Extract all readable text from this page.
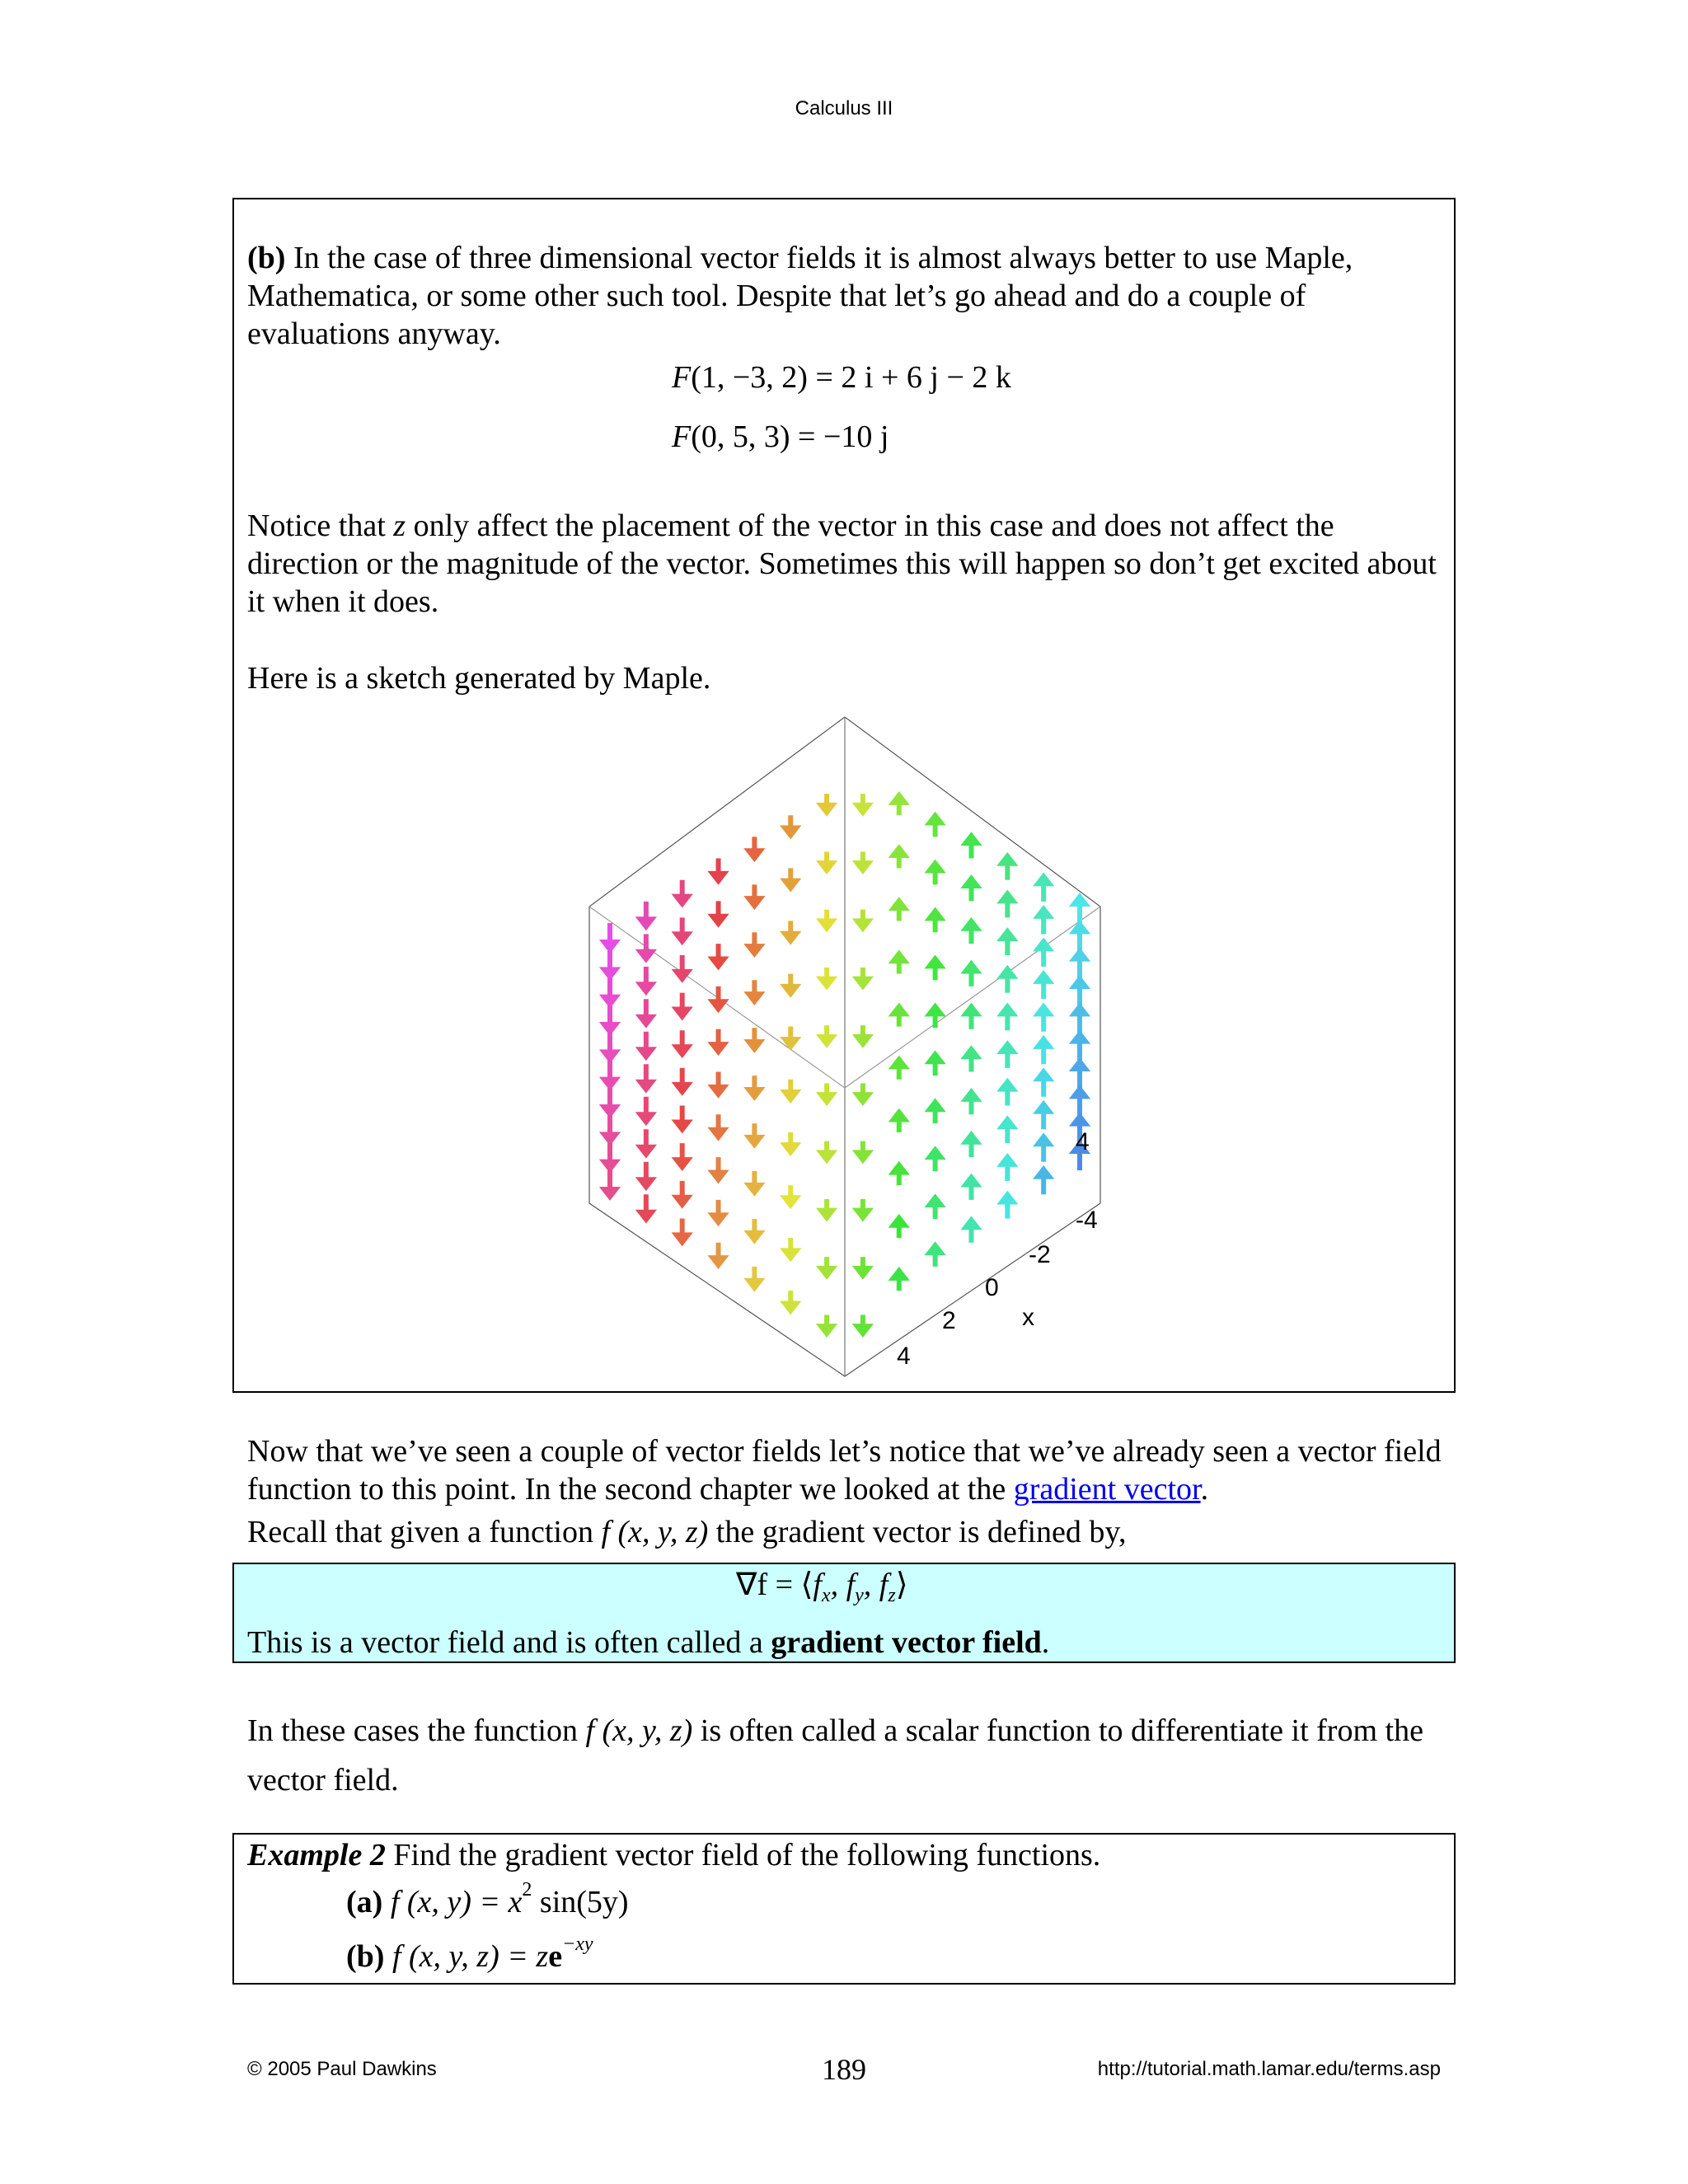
Calculus III
(b) In the case of three dimensional vector fields it is almost always better to use Maple, Mathematica, or some other such tool. Despite that let’s go ahead and do a couple of evaluations anyway.
F(1, −3, 2) = 2 i + 6 j − 2 k
F(0, 5, 3) = −10 j
Notice that z only affect the placement of the vector in this case and does not affect the direction or the magnitude of the vector. Sometimes this will happen so don’t get excited about it when it does.
Here is a sketch generated by Maple.
-4
-2
0
2
4
x
4
Now that we’ve seen a couple of vector fields let’s notice that we’ve already seen a vector field function to this point. In the second chapter we looked at the gradient vector.
Recall that given a function f (x, y, z) the gradient vector is defined by,
$\nabla f = ⟨f_x$, $f_y$, $f_z⟩$
This is a vector field and is often called a gradient vector field.
In these cases the function f (x, y, z) is often called a scalar function to differentiate it from the vector field.
Example 2 Find the gradient vector field of the following functions.
(a) f (x, $y) = x^2$ sin(5y)
(b) f (x, y, $z) = ze^{-xy}$
© 2005 Paul Dawkins	189	http://tutorial.math.lamar.edu/terms.asp
